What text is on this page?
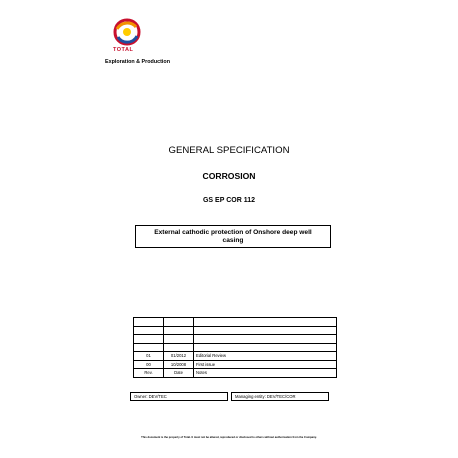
TOTAL
Exploration & Production
GENERAL SPECIFICATION
CORROSION
GS EP COR 112
External cathodic protection of Onshore deep well casing

01	01/2012	Editorial Review
00	10/2008	First issue
Rev.	Date	Notes
Owner: DEV/TEC	Managing entity: DEV/TEC/COR
This document is the property of Total. It must not be altered, reproduced or disclosed to others without authorisation from the Company.
